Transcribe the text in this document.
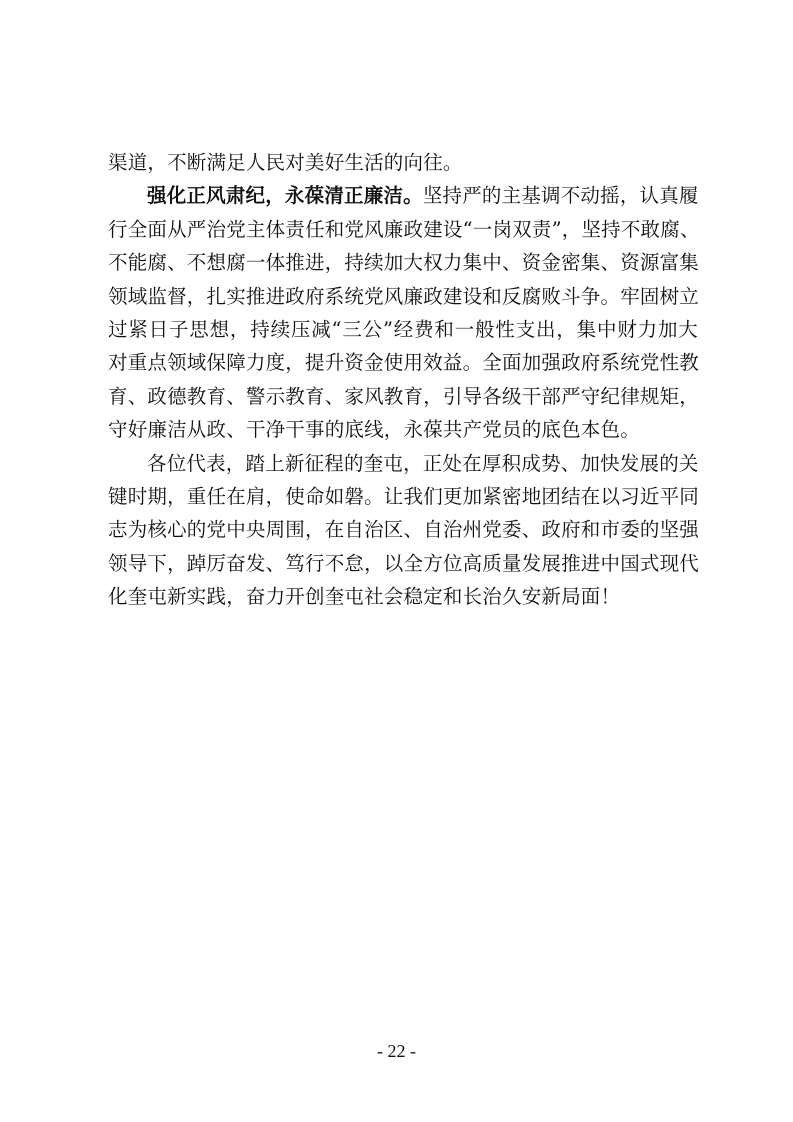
渠道，不断满足人民对美好生活的向往。
强化正风肃纪，永葆清正廉洁。坚持严的主基调不动摇，认真履
行全面从严治党主体责任和党风廉政建设“一岗双责”，坚持不敢腐、
不能腐、不想腐一体推进，持续加大权力集中、资金密集、资源富集
领域监督，扎实推进政府系统党风廉政建设和反腐败斗争。牢固树立
过紧日子思想，持续压减“三公”经费和一般性支出，集中财力加大
对重点领域保障力度，提升资金使用效益。全面加强政府系统党性教
育、政德教育、警示教育、家风教育，引导各级干部严守纪律规矩，
守好廉洁从政、干净干事的底线，永葆共产党员的底色本色。
各位代表，踏上新征程的奎屯，正处在厚积成势、加快发展的关
键时期，重任在肩，使命如磐。让我们更加紧密地团结在以习近平同
志为核心的党中央周围，在自治区、自治州党委、政府和市委的坚强
领导下，踔厉奋发、笃行不怠，以全方位高质量发展推进中国式现代
化奎屯新实践，奋力开创奎屯社会稳定和长治久安新局面！
- 22 -
